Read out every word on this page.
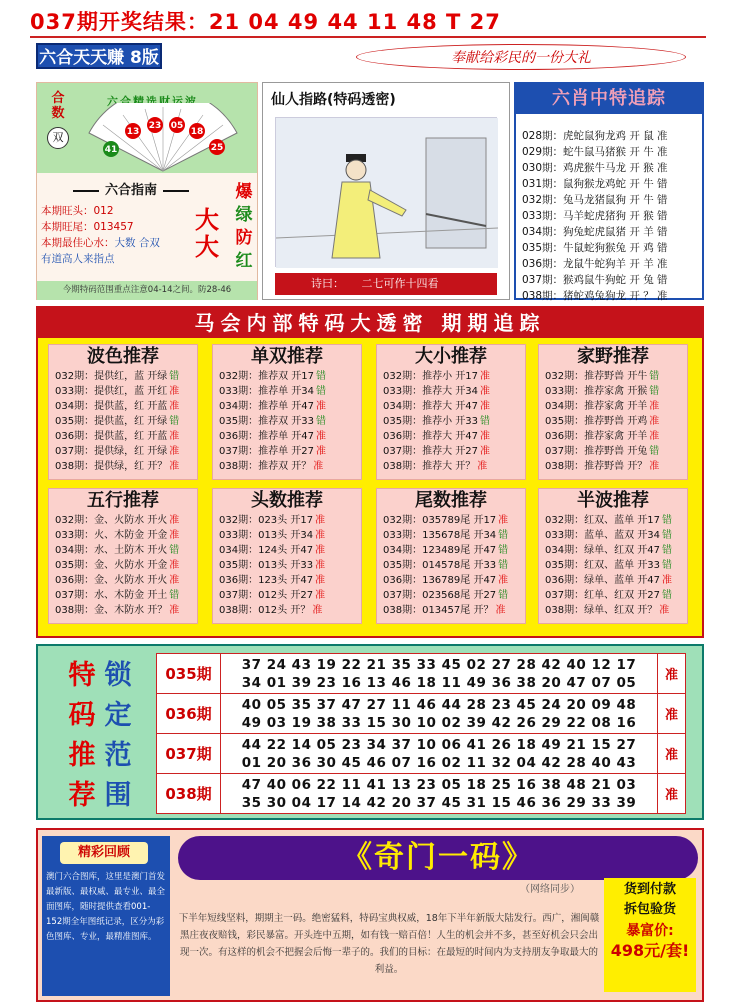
037期开奖结果：21 04 49 44 11 48 T 27
六合天天赚 8版	奉献给彩民的一份大礼
合数
双
六合精选财运波
41
13
23 05
18
25
六合指南
本期旺头：012
本期旺尾：013457
本期最佳心水：大数 合双
有道高人来指点
大
大
爆
绿
防
红
今期特码范围重点注意04-14之间。防28-46
仙人指路(特码透密)
诗曰： 二七可作十四看
六肖中特追踪
028期：虎蛇鼠狗龙鸡 开 鼠 准
029期：蛇牛鼠马猪猴 开 牛 准
030期：鸡虎猴牛马龙 开 猴 准
031期：鼠狗猴龙鸡蛇 开 牛 错
032期：兔马龙猪鼠狗 开 牛 错
033期：马羊蛇虎猪狗 开 猴 错
034期：狗兔蛇虎鼠猪 开 羊 错
035期：牛鼠蛇狗猴兔 开 鸡 错
036期：龙鼠牛蛇狗羊 开 羊 准
037期：猴鸡鼠牛狗蛇 开 兔 错
038期：猪蛇鸡兔狗龙 开 ？ 准
马会内部特码大透密 期期追踪
波色推荐
032期：提供红，蓝 开绿 错
033期：提供红，蓝 开红 准
034期：提供蓝，红 开蓝 准
035期：提供蓝，红 开绿 错
036期：提供蓝，红 开蓝 准
037期：提供绿，红 开绿 准
038期：提供绿，红 开？ 准
单双推荐
032期：推荐双 开17 错
033期：推荐单 开34 错
034期：推荐单 开47 准
035期：推荐双 开33 错
036期：推荐单 开47 准
037期：推荐单 开27 准
038期：推荐双 开？ 准
大小推荐
032期：推荐小 开17 准
033期：推荐大 开34 准
034期：推荐大 开47 准
035期：推荐小 开33 错
036期：推荐大 开47 准
037期：推荐大 开27 准
038期：推荐大 开？ 准
家野推荐
032期：推荐野兽 开牛 错
033期：推荐家禽 开猴 错
034期：推荐家禽 开羊 准
035期：推荐野兽 开鸡 准
036期：推荐家禽 开羊 准
037期：推荐野兽 开兔 错
038期：推荐野兽 开？ 准
五行推荐
032期：金、火防水 开火 准
033期：火、木防金 开金 准
034期：水、土防木 开火 错
035期：金、火防水 开金 准
036期：金、火防水 开火 准
037期：水、木防金 开土 错
038期：金、木防水 开？ 准
头数推荐
032期：023头 开17 准
033期：013头 开34 准
034期：124头 开47 准
035期：013头 开33 准
036期：123头 开47 准
037期：012头 开27 准
038期：012头 开？ 准
尾数推荐
032期：035789尾 开17 准
033期：135678尾 开34 错
034期：123489尾 开47 错
035期：014578尾 开33 错
036期：136789尾 开47 准
037期：023568尾 开27 错
038期：013457尾 开？ 准
半波推荐
032期：红双、蓝单 开17 错
033期：蓝单、蓝双 开34 错
034期：绿单、红双 开47 错
035期：红双、蓝单 开33 错
036期：绿单、蓝单 开47 准
037期：红单、红双 开27 错
038期：绿单、红双 开？ 准
特
码
推
荐
锁
定
范
围
035期	37 24 43 19 22 21 35 33 45 02 27 28 42 40 12 17
34 01 39 23 16 13 46 18 11 49 36 38 20 47 07 05	准
036期	40 05 35 37 47 27 11 46 44 28 23 45 24 20 09 48
49 03 19 38 33 15 30 10 02 39 42 26 29 22 08 16	准
037期	44 22 14 05 23 34 37 10 06 41 26 18 49 21 15 27
01 20 36 30 45 46 07 16 02 11 32 04 42 28 40 43	准
038期	47 40 06 22 11 41 13 23 05 18 25 16 38 48 21 03
35 30 04 17 14 42 20 37 45 31 15 46 36 29 33 39	准
精彩回顾
澳门六合图库，这里是澳门首发最新版、最权威、最专业、最全面图库，随时提供查看001-152期全年图纸记录，区分为彩色图库、专业，最精准图库。
《奇门一码》
（网络同步）	货到付款
拆包验货
暴富价:
498元/套!
下半年短线坚料，期期主一码。绝密猛料，特码宝典权威，18年下半年新版大陆发行。西广，湘闽赣黑庄夜夜赔钱，彩民暴富。开头连中五期，如有钱一赔百倍！人生的机会并不多，甚至好机会只会出现一次。有这样的机会不把握会后悔一辈子的。我们的目标：在最短的时间内为支持朋友争取最大的利益。
